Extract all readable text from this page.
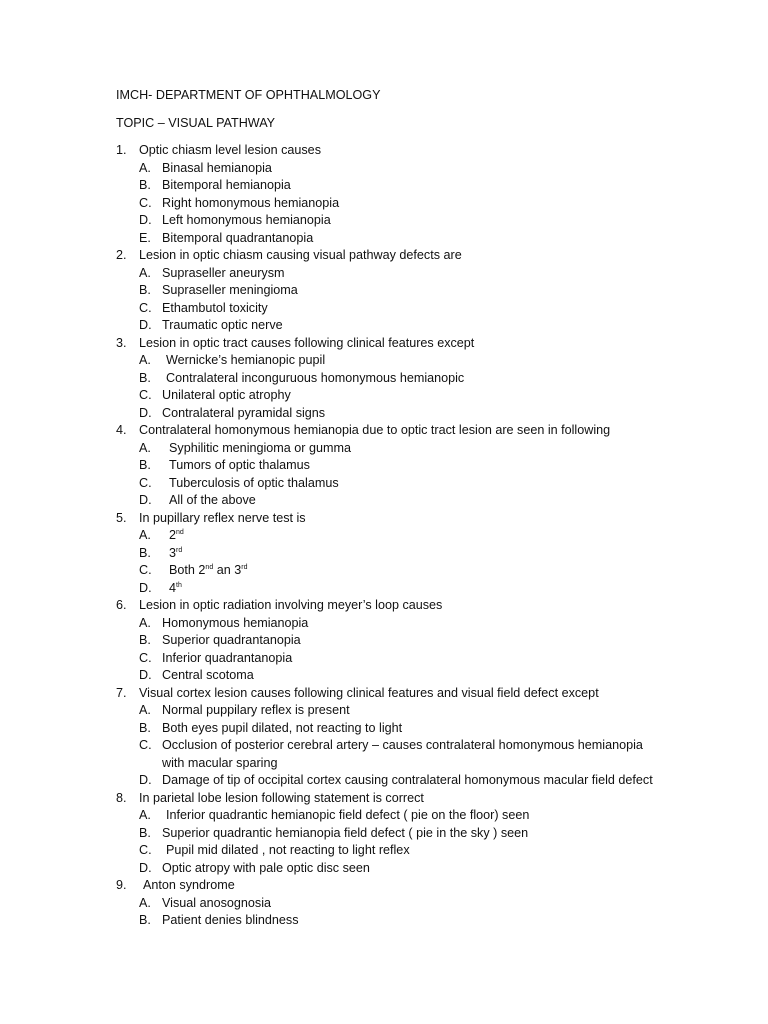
IMCH- DEPARTMENT OF OPHTHALMOLOGY
TOPIC – VISUAL PATHWAY
1. Optic chiasm level lesion causes
A. Binasal hemianopia
B. Bitemporal hemianopia
C. Right homonymous hemianopia
D. Left homonymous hemianopia
E. Bitemporal quadrantanopia
2. Lesion in optic chiasm causing visual pathway defects are
A. Supraseller aneurysm
B. Supraseller meningioma
C. Ethambutol toxicity
D. Traumatic optic nerve
3. Lesion in optic tract causes following clinical features except
A. Wernicke’s hemianopic pupil
B. Contralateral inconguruous homonymous hemianopic
C. Unilateral optic atrophy
D. Contralateral pyramidal signs
4. Contralateral homonymous hemianopia due to optic tract lesion are seen in following
A. Syphilitic meningioma or gumma
B. Tumors of optic thalamus
C. Tuberculosis of optic thalamus
D. All of the above
5. In pupillary reflex nerve test is
A. 2nd
B. 3rd
C. Both 2nd an 3rd
D. 4th
6. Lesion in optic radiation involving meyer’s loop causes
A. Homonymous hemianopia
B. Superior quadrantanopia
C. Inferior quadrantanopia
D. Central scotoma
7. Visual cortex lesion causes following clinical features and visual field defect except
A. Normal puppilary reflex is present
B. Both eyes pupil dilated, not reacting to light
C. Occlusion of posterior cerebral artery – causes contralateral homonymous hemianopia
with macular sparing
D. Damage of tip of occipital cortex causing contralateral homonymous macular field defect
8. In parietal lobe lesion following statement is correct
A. Inferior quadrantic hemianopic field defect ( pie on the floor) seen
B. Superior quadrantic hemianopia field defect ( pie in the sky ) seen
C. Pupil mid dilated , not reacting to light reflex
D. Optic atropy with pale optic disc seen
9. Anton syndrome
A. Visual anosognosia
B. Patient denies blindness
